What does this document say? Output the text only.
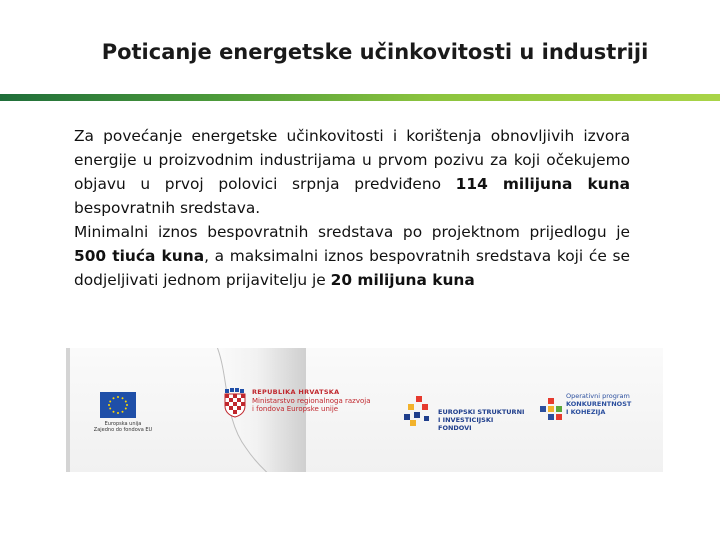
Poticanje energetske učinkovitosti u industriji

Za povećanje energetske učinkovitosti i korištenja obnovljivih izvora energije u proizvodnim industrijama u prvom pozivu za koji očekujemo objavu u prvoj polovici srpnja predviđeno 114 milijuna kuna bespovratnih sredstava.

Minimalni iznos bespovratnih sredstava po projektnom prijedlogu je 500 tiuća kuna, a maksimalni iznos bespovratnih sredstava koji će se dodjeljivati jednom prijavitelju je 20 milijuna kuna

Europska unija
Zajedno do fondova EU
REPUBLIKA HRVATSKA
Ministarstvo regionalnoga razvoja
i fondova Europske unije	EUROPSKI STRUKTURNI
I INVESTICIJSKI FONDOVI
Operativni program
KONKURENTNOST
I KOHEZIJA
